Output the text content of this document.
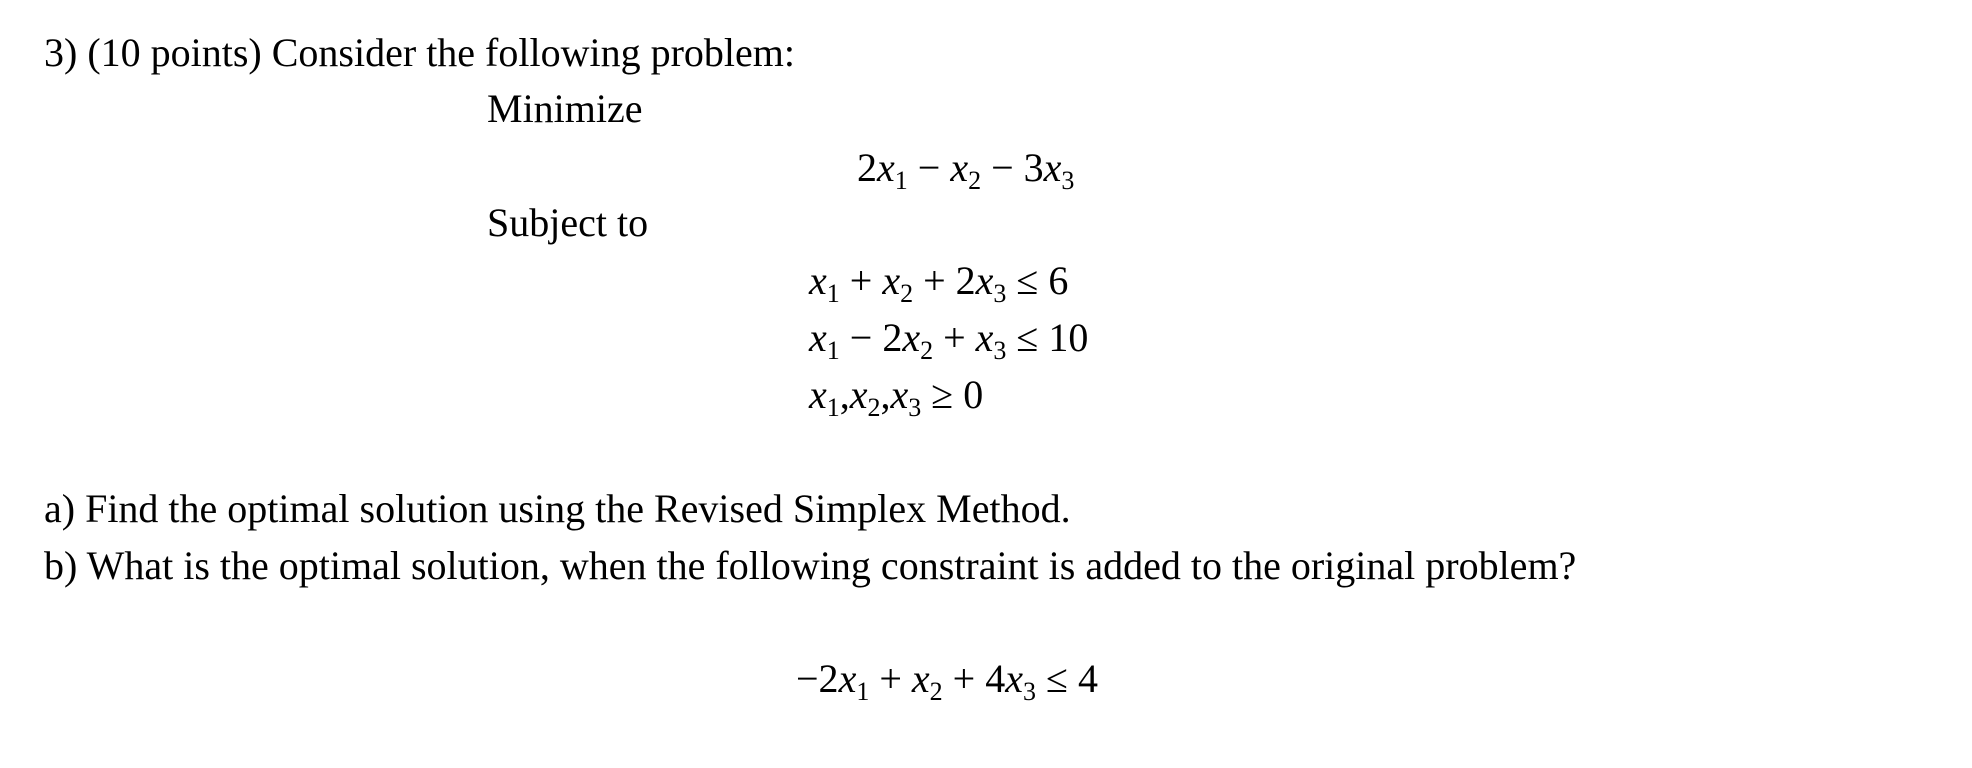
3) (10 points) Consider the following problem:
Minimize
$2x_1 - x_2 - 3x_3$
Subject to
$x_1 + x_2 + 2x_3 \le 6$
$x_1 - 2x_2 + x_3 \le 10$
$x_1,x_2,x_3 \ge 0$
a) Find the optimal solution using the Revised Simplex Method.
b) What is the optimal solution, when the following constraint is added to the original problem?
$-2x_1 + x_2 + 4x_3 \le 4$
